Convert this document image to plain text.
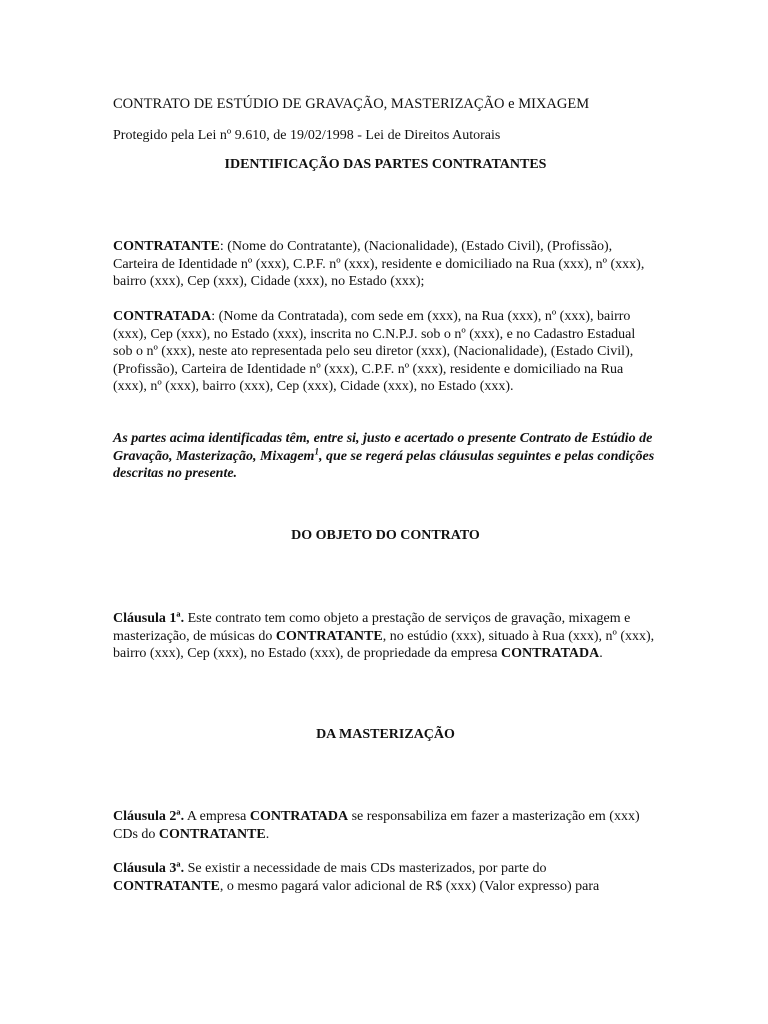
CONTRATO DE ESTÚDIO DE GRAVAÇÃO, MASTERIZAÇÃO e MIXAGEM

Protegido pela Lei nº 9.610, de 19/02/1998 - Lei de Direitos Autorais

IDENTIFICAÇÃO DAS PARTES CONTRATANTES

CONTRATANTE: (Nome do Contratante), (Nacionalidade), (Estado Civil), (Profissão), Carteira de Identidade nº (xxx), C.P.F. nº (xxx), residente e domiciliado na Rua (xxx), nº (xxx), bairro (xxx), Cep (xxx), Cidade (xxx), no Estado (xxx);

CONTRATADA: (Nome da Contratada), com sede em (xxx), na Rua (xxx), nº (xxx), bairro (xxx), Cep (xxx), no Estado (xxx), inscrita no C.N.P.J. sob o nº (xxx), e no Cadastro Estadual sob o nº (xxx), neste ato representada pelo seu diretor (xxx), (Nacionalidade), (Estado Civil), (Profissão), Carteira de Identidade nº (xxx), C.P.F. nº (xxx), residente e domiciliado na Rua (xxx), nº (xxx), bairro (xxx), Cep (xxx), Cidade (xxx), no Estado (xxx).

As partes acima identificadas têm, entre si, justo e acertado o presente Contrato de Estúdio de Gravação, Masterização, Mixagem$^1$, que se regerá pelas cláusulas seguintes e pelas condições descritas no presente.

DO OBJETO DO CONTRATO

Cláusula 1ª. Este contrato tem como objeto a prestação de serviços de gravação, mixagem e masterização, de músicas do CONTRATANTE, no estúdio (xxx), situado à Rua (xxx), nº (xxx), bairro (xxx), Cep (xxx), no Estado (xxx), de propriedade da empresa CONTRATADA.

DA MASTERIZAÇÃO

Cláusula 2ª. A empresa CONTRATADA se responsabiliza em fazer a masterização em (xxx) CDs do CONTRATANTE.

Cláusula 3ª. Se existir a necessidade de mais CDs masterizados, por parte do CONTRATANTE, o mesmo pagará valor adicional de R$ (xxx) (Valor expresso) para
